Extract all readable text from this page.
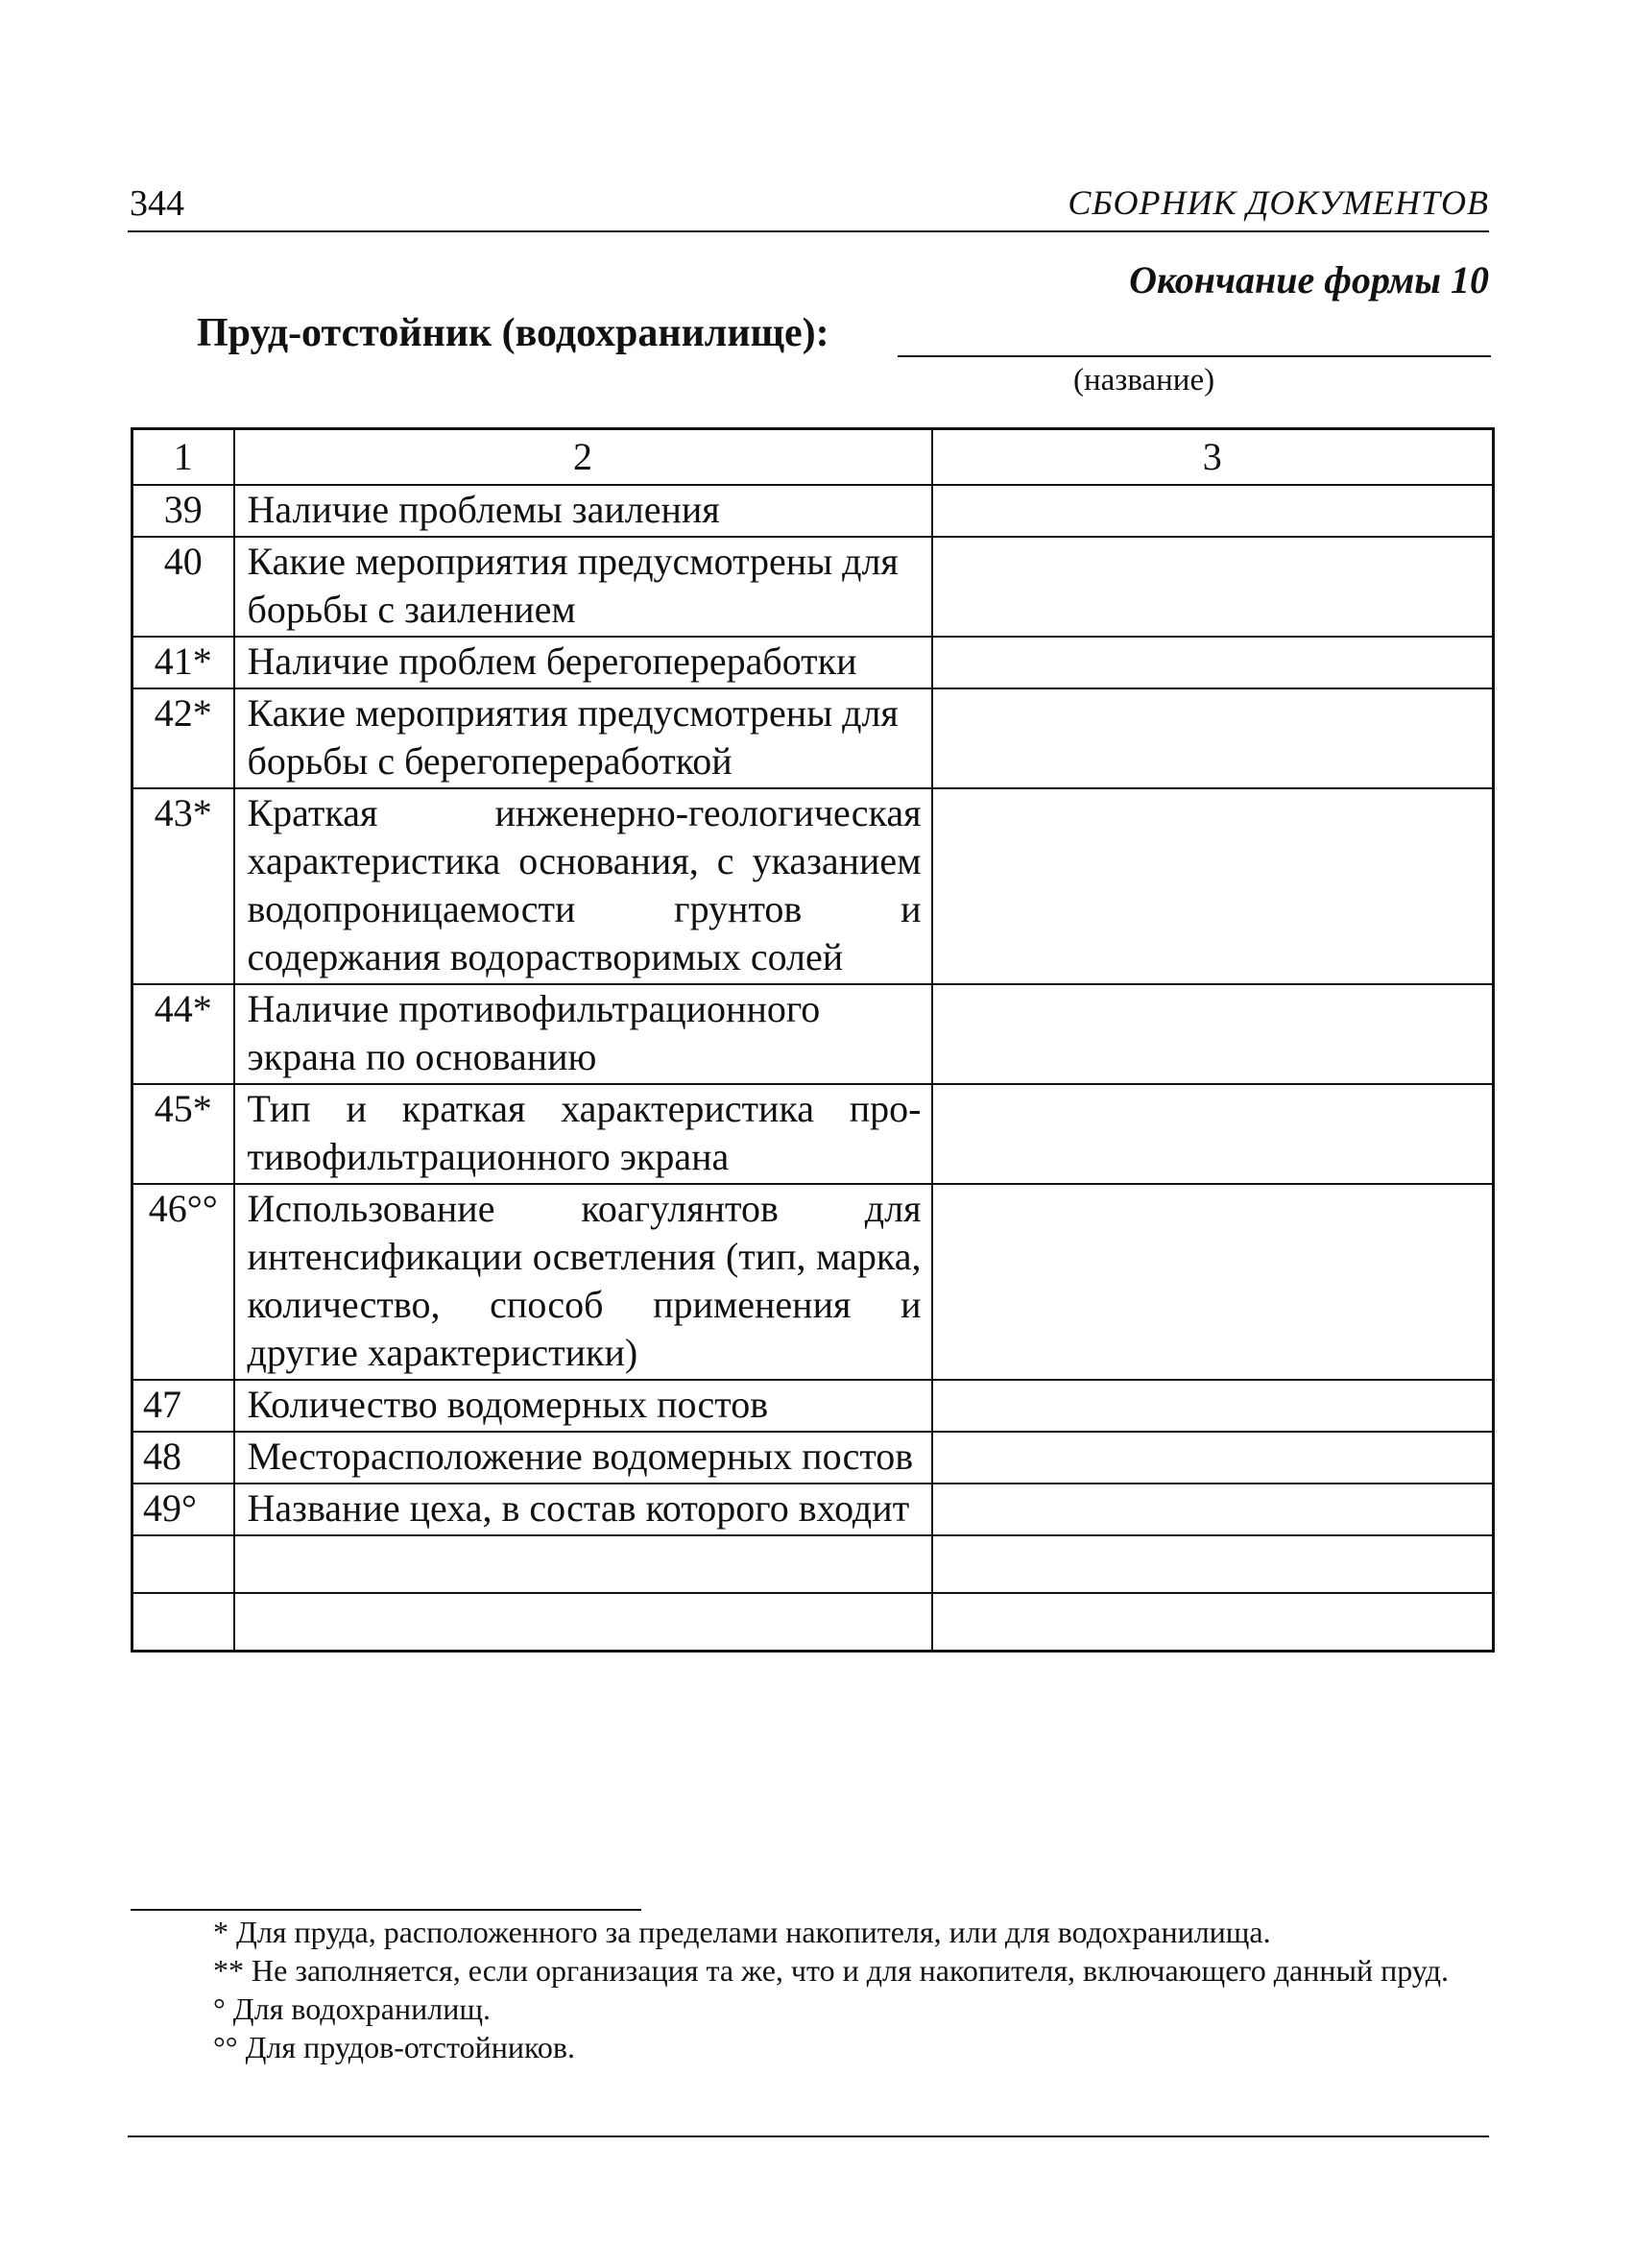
344	СБОРНИК ДОКУМЕНТОВ
Окончание формы 10
Пруд-отстойник (водохранилище):
(название)
1	2	3
39	Наличие проблемы заиления	
40	Какие мероприятия предусмотрены для борьбы с заилением	
41*	Наличие проблем берегопереработки	
42*	Какие мероприятия предусмотрены для борьбы с берегопереработкой	
43*	Краткая инженерно-геологическая характеристика основания, с указанием водопроницаемости грунтов и содержания водорастворимых солей	
44*	Наличие противофильтрационного экрана по основанию	
45*	Тип и краткая характеристика противофильтрационного экрана	
46°°	Использование коагулянтов для интенсификации осветления (тип, марка, количество, способ применения и другие характеристики)	
47	Количество водомерных постов	
48	Месторасположение водомерных постов	
49°	Название цеха, в состав которого входит	

* Для пруда, расположенного за пределами накопителя, или для водохранилища.

** Не заполняется, если организация та же, что и для накопителя, включающего данный пруд.

° Для водохранилищ.

°° Для прудов-отстойников.
